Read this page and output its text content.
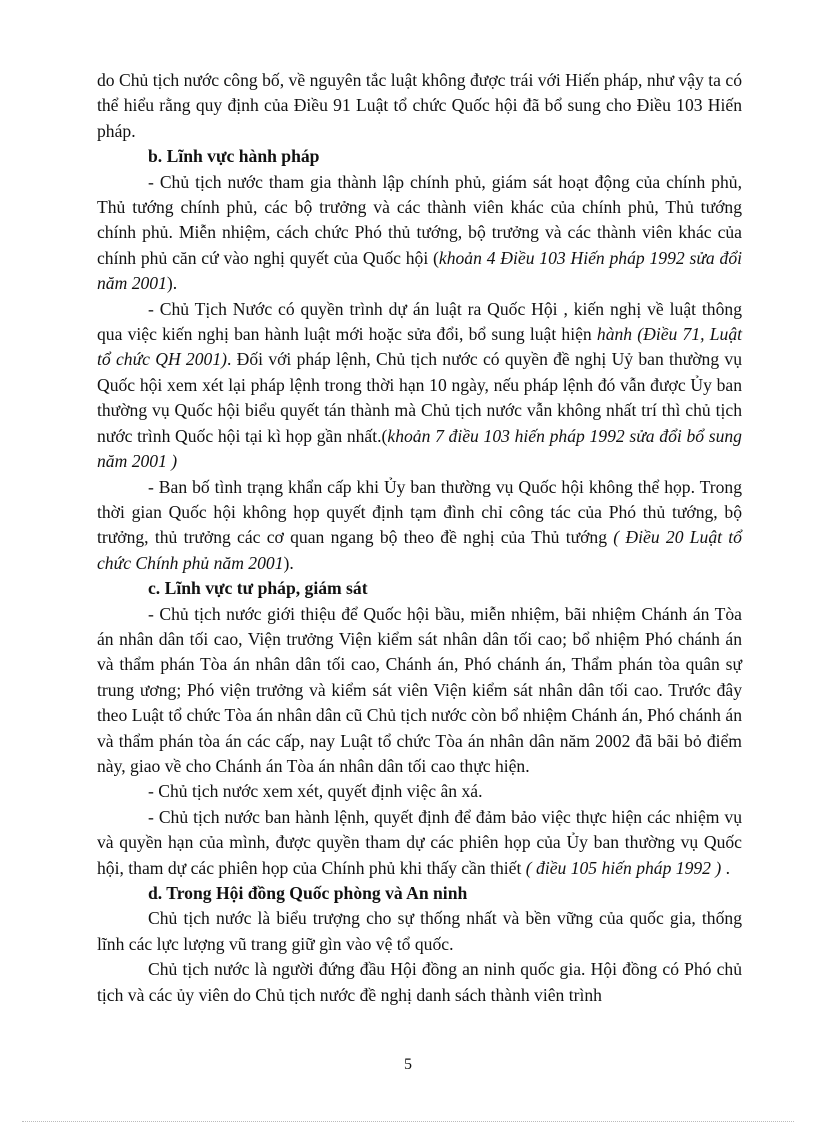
do Chủ tịch nước công bố, về nguyên tắc luật không được trái với Hiến pháp, như vậy ta có thể hiểu rằng quy định của Điều 91 Luật tổ chức Quốc hội đã bổ sung cho Điều 103 Hiến pháp.

b. Lĩnh vực hành pháp

- Chủ tịch nước tham gia thành lập chính phủ, giám sát hoạt động của chính phủ, Thủ tướng chính phủ, các bộ trưởng và các thành viên khác của chính phủ, Thủ tướng chính phủ. Miễn nhiệm, cách chức Phó thủ tướng, bộ trưởng và các thành viên khác của chính phủ căn cứ vào nghị quyết của Quốc hội (khoản 4 Điều 103 Hiến pháp 1992 sửa đổi năm 2001).

- Chủ Tịch Nước có quyền trình dự án luật ra Quốc Hội , kiến nghị về luật thông qua việc kiến nghị ban hành luật mới hoặc sửa đổi, bổ sung luật hiện hành (Điều 71, Luật tổ chức QH 2001). Đối với pháp lệnh, Chủ tịch nước có quyền đề nghị Uỷ ban thường vụ Quốc hội xem xét lại pháp lệnh trong thời hạn 10 ngày, nếu pháp lệnh đó vẫn được Ủy ban thường vụ Quốc hội biểu quyết tán thành mà Chủ tịch nước vẫn không nhất trí thì chủ tịch nước trình Quốc hội tại kì họp gần nhất.(khoản 7 điều 103 hiến pháp 1992 sửa đổi bổ sung năm 2001 )

- Ban bố tình trạng khẩn cấp khi Ủy ban thường vụ Quốc hội không thể họp. Trong thời gian Quốc hội không họp quyết định tạm đình chỉ công tác của Phó thủ tướng, bộ trưởng, thủ trưởng các cơ quan ngang bộ theo đề nghị của Thủ tướng ( Điều 20 Luật tổ chức Chính phủ năm 2001).

c. Lĩnh vực tư pháp, giám sát

- Chủ tịch nước giới thiệu để Quốc hội bầu, miễn nhiệm, bãi nhiệm Chánh án Tòa án nhân dân tối cao, Viện trưởng Viện kiểm sát nhân dân tối cao; bổ nhiệm Phó chánh án và thẩm phán Tòa án nhân dân tối cao, Chánh án, Phó chánh án, Thẩm phán tòa quân sự trung ương; Phó viện trưởng và kiểm sát viên Viện kiểm sát nhân dân tối cao. Trước đây theo Luật tổ chức Tòa án nhân dân cũ Chủ tịch nước còn bổ nhiệm Chánh án, Phó chánh án và thẩm phán tòa án các cấp, nay Luật tổ chức Tòa án nhân dân năm 2002 đã bãi bỏ điểm này, giao về cho Chánh án Tòa án nhân dân tối cao thực hiện.

- Chủ tịch nước xem xét, quyết định việc ân xá.

- Chủ tịch nước ban hành lệnh, quyết định để đảm bảo việc thực hiện các nhiệm vụ và quyền hạn của mình, được quyền tham dự các phiên họp của Ủy ban thường vụ Quốc hội, tham dự các phiên họp của Chính phủ khi thấy cần thiết ( điều 105 hiến pháp 1992 ) .

d. Trong Hội đồng Quốc phòng và An ninh

Chủ tịch nước là biểu trượng cho sự thống nhất và bền vững của quốc gia, thống lĩnh các lực lượng vũ trang giữ gìn vào vệ tổ quốc.

Chủ tịch nước là người đứng đầu Hội đồng an ninh quốc gia. Hội đồng có Phó chủ tịch và các ủy viên do Chủ tịch nước đề nghị danh sách thành viên trình

5
